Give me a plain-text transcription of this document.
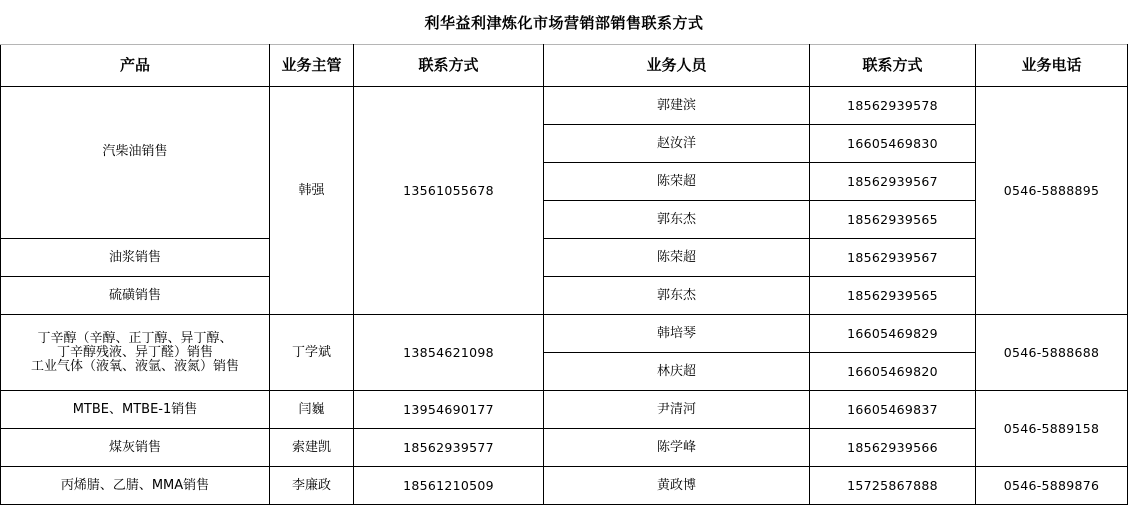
利华益利津炼化市场营销部销售联系方式
产品	业务主管	联系方式	业务人员	联系方式	业务电话
汽柴油销售	韩强	13561055678	郭建滨	18562939578	0546-5888895
			赵汝洋	16605469830	
			陈荣超	18562939567	
			郭东杰	18562939565	
油浆销售			陈荣超	18562939567	
硫磺销售			郭东杰	18562939565	

丁辛醇（辛醇、正丁醇、异丁醇、
丁辛醇残液、异丁醛）销售
工业气体（液氧、液氩、液氮）销售	丁学斌	13854621098	韩培琴	16605469829	0546-5888688
			林庆超	16605469820	
MTBE、MTBE-1销售	闫巍	13954690177	尹清河	16605469837	0546-5889158
煤灰销售	索建凯	18562939577	陈学峰	18562939566	
丙烯腈、乙腈、MMA销售	李廉政	18561210509	黄政博	15725867888	0546-5889876
